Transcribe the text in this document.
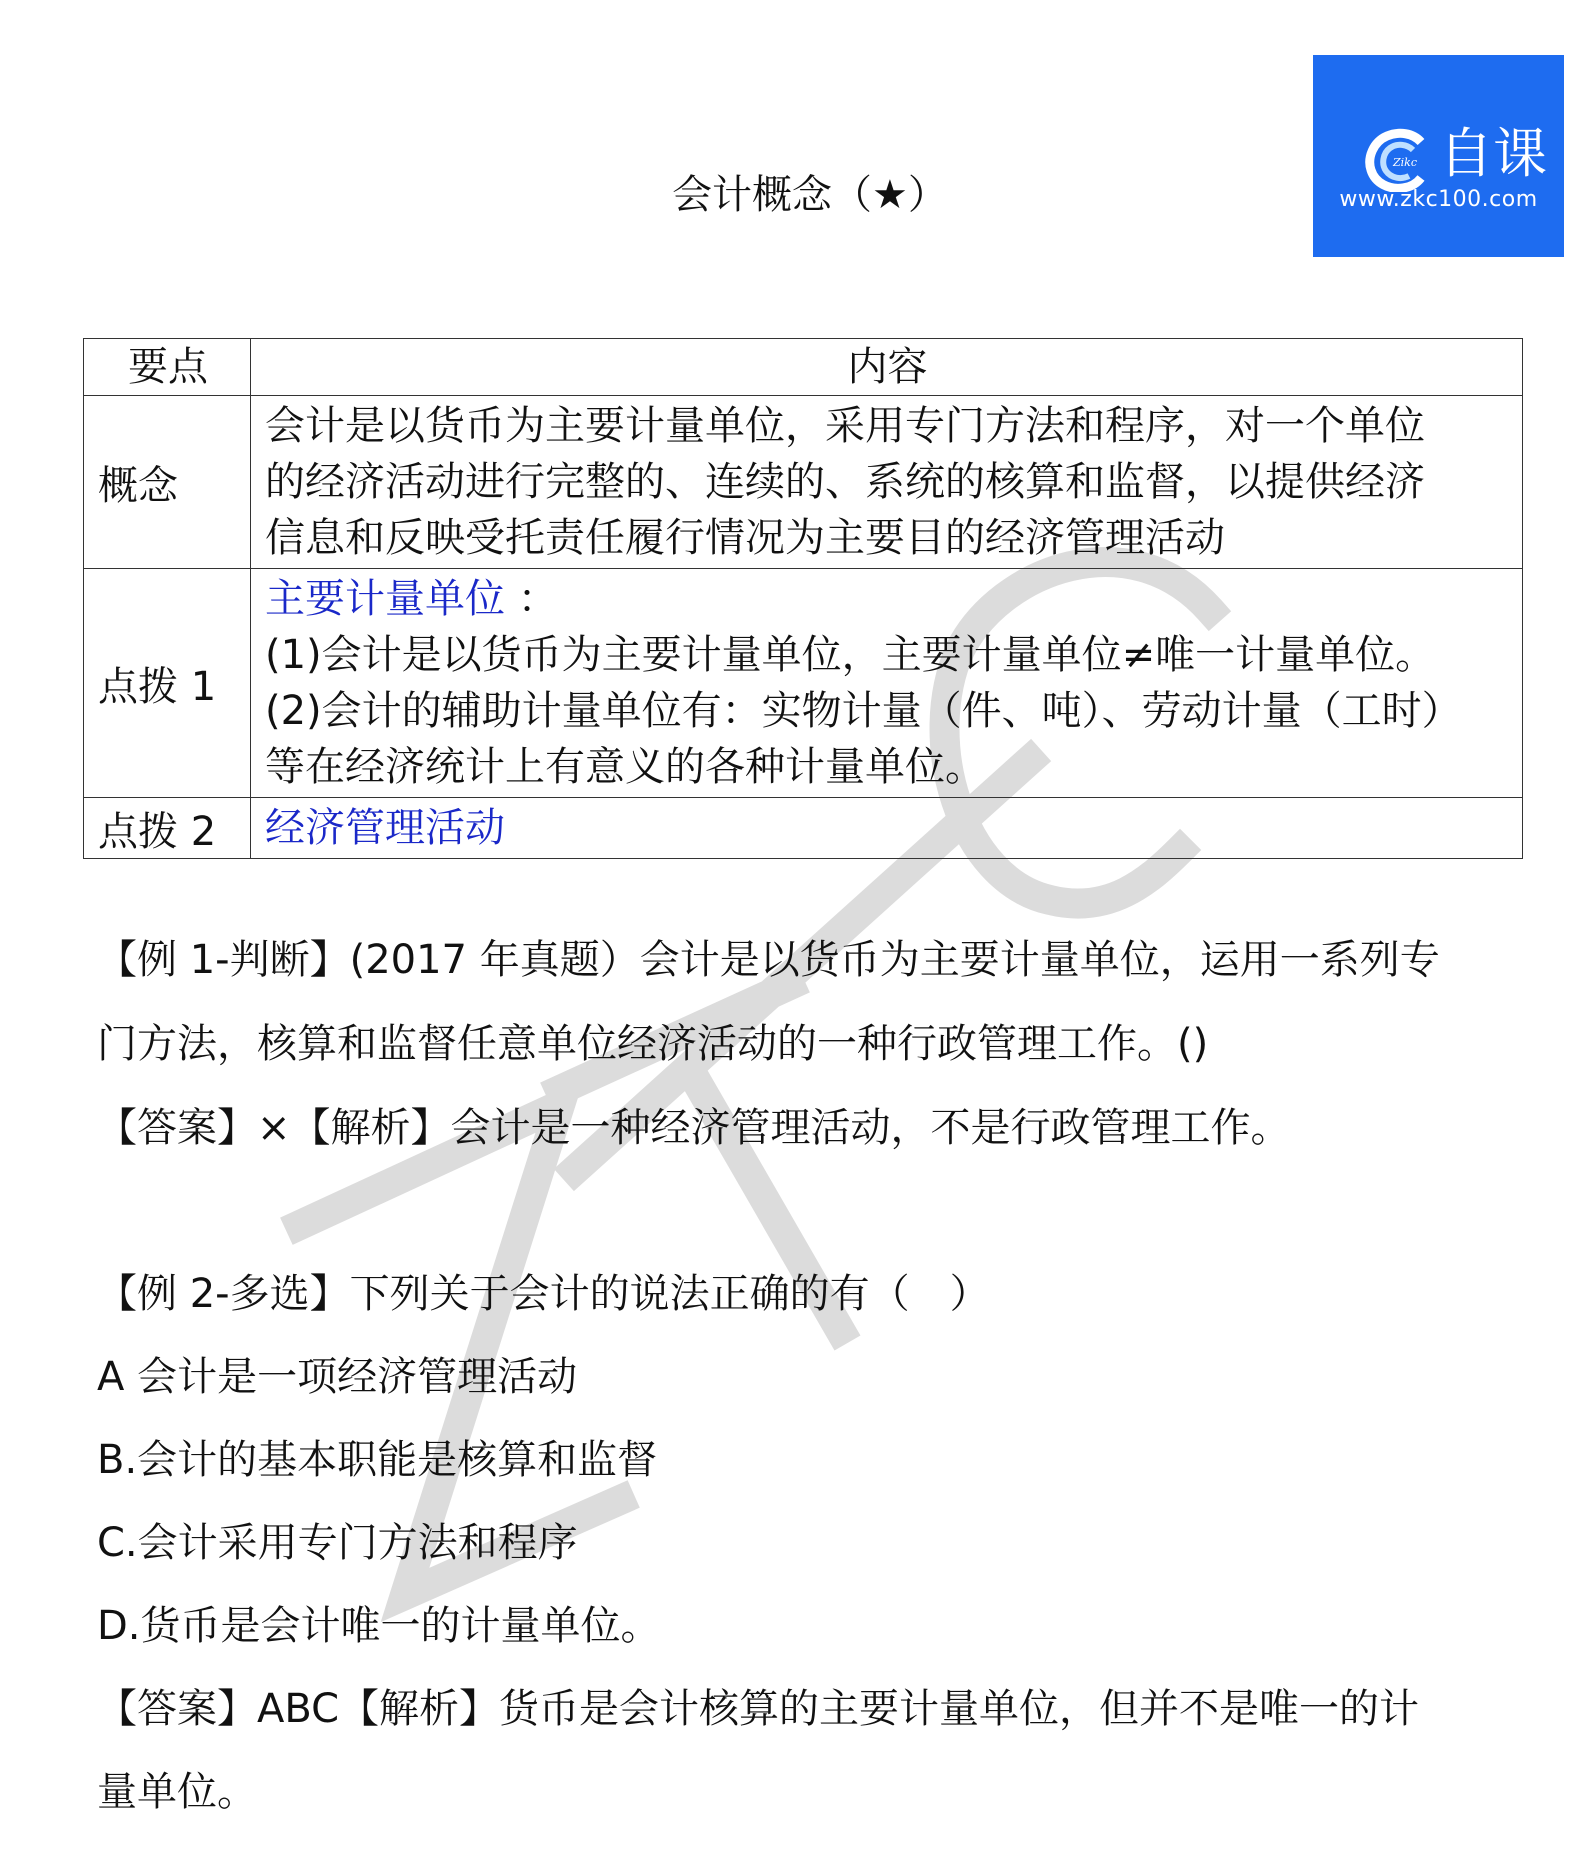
Zikc 自课
www.zkc100.com
会计概念（★）
要点	内容
概念	会计是以货币为主要计量单位，采用专门方法和程序，对一个单位
的经济活动进行完整的、连续的、系统的核算和监督，以提供经济
信息和反映受托责任履行情况为主要目的经济管理活动

点拨 1	主要计量单位 ：
(1)会计是以货币为主要计量单位，主要计量单位≠唯一计量单位。
(2)会计的辅助计量单位有：实物计量（件、吨）、劳动计量（工时）
等在经济统计上有意义的各种计量单位。

点拨 2	经济管理活动
【例 1-判断】(2017 年真题）会计是以货币为主要计量单位，运用一系列专
门方法，核算和监督任意单位经济活动的一种行政管理工作。()
【答案】×【解析】会计是一种经济管理活动，不是行政管理工作。
【例 2-多选】下列关于会计的说法正确的有（　）
A 会计是一项经济管理活动
B.会计的基本职能是核算和监督
C.会计采用专门方法和程序
D.货币是会计唯一的计量单位。
【答案】ABC【解析】货币是会计核算的主要计量单位，但并不是唯一的计
量单位。
